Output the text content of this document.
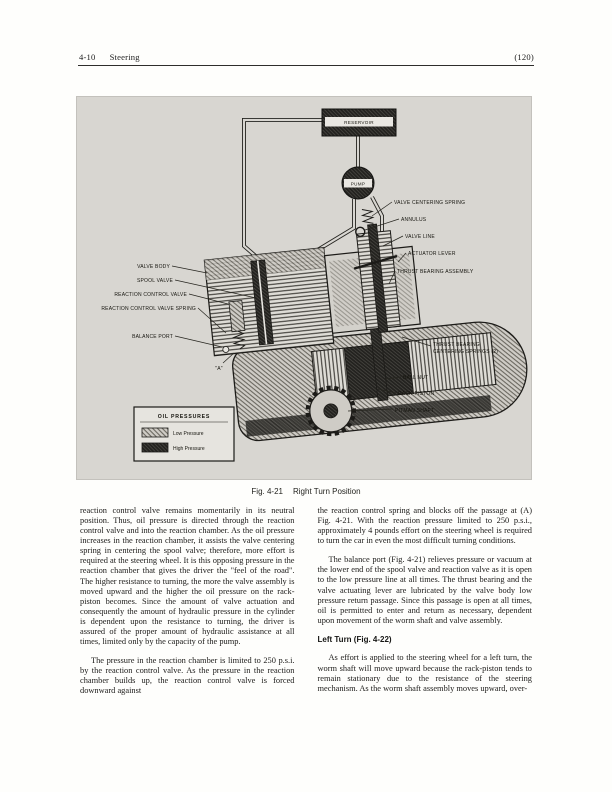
4-10 Steering	(120)
RESERVOIR
PUMP
VALVE CENTERING SPRING
ANNULUS
VALVE LINE
ACTUATOR LEVER
THRUST BEARING ASSEMBLY
THRUST BEARING
CENTERING SPRINGS (2)
BALL NUT
RACK-PISTON
PITMAN SHAFT
VALVE BODY
SPOOL VALVE
REACTION CONTROL VALVE
REACTION CONTROL VALVE SPRING
BALANCE PORT
"A"
OIL PRESSURES
Low Pressure
High Pressure
Fig. 4-21 Right Turn Position

reaction control valve remains momentarily in its neutral position. Thus, oil pressure is directed through the reaction control valve and into the reaction chamber. As the oil pressure increases in the reaction chamber, it assists the valve centering spring in centering the spool valve; therefore, more effort is required at the steering wheel. It is this opposing pressure in the reaction chamber that gives the driver the "feel of the road". The higher resistance to turning, the more the valve assembly is moved upward and the higher the oil pressure on the rack-piston becomes. Since the amount of valve actuation and consequently the amount of hydraulic pressure in the cylinder is dependent upon the resistance to turning, the driver is assured of the proper amount of hydraulic assistance at all times, limited only by the capacity of the pump.

The pressure in the reaction chamber is limited to 250 p.s.i. by the reaction control valve. As the pressure in the reaction chamber builds up, the reaction control valve is forced downward against

the reaction control spring and blocks off the passage at (A) Fig. 4-21. With the reaction pressure limited to 250 p.s.i., approximately 4 pounds effort on the steering wheel is required to turn the car in even the most difficult turning conditions.

The balance port (Fig. 4-21) relieves pressure or vacuum at the lower end of the spool valve and reaction valve as it is open to the low pressure line at all times. The thrust bearing and the valve actuating lever are lubricated by the valve body low pressure return passage. Since this passage is open at all times, oil is permitted to enter and return as necessary, dependent upon movement of the worm shaft and valve assembly.

Left Turn (Fig. 4-22)

As effort is applied to the steering wheel for a left turn, the worm shaft will move upward because the rack-piston tends to remain stationary due to the resistance of the steering mechanism. As the worm shaft assembly moves upward, over-
